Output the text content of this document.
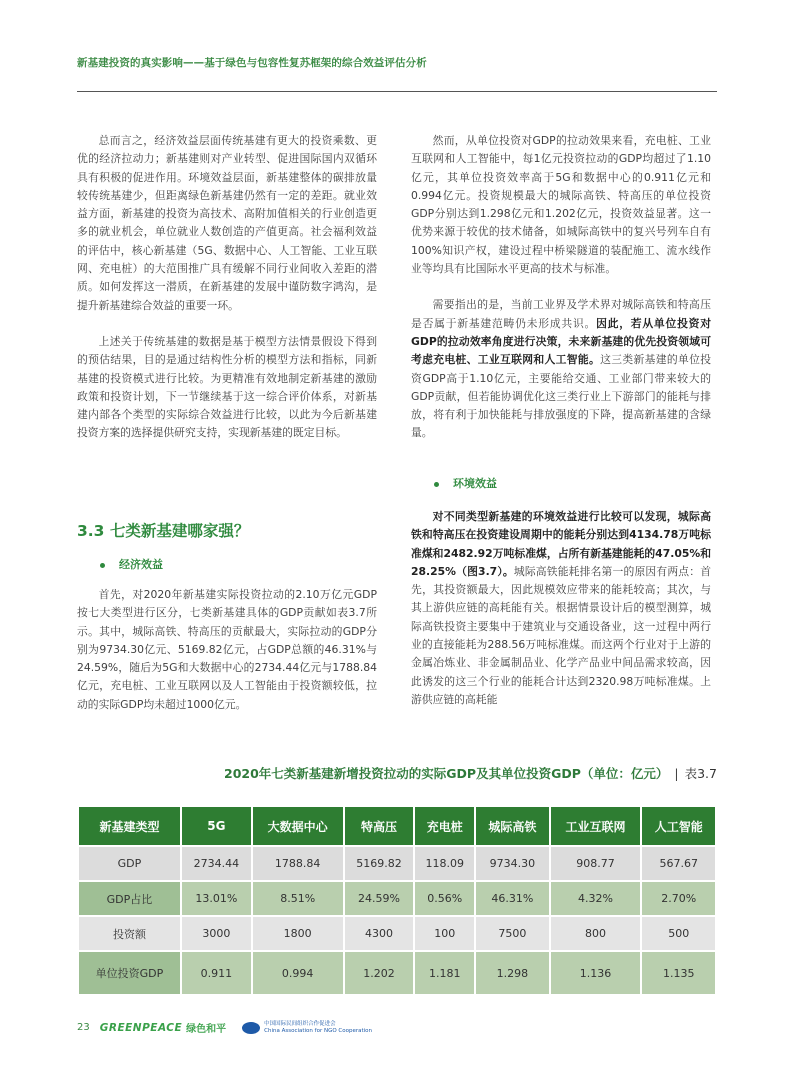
新基建投资的真实影响——基于绿色与包容性复苏框架的综合效益评估分析

总而言之，经济效益层面传统基建有更大的投资乘数、更优的经济拉动力；新基建则对产业转型、促进国际国内双循环具有积极的促进作用。环境效益层面，新基建整体的碳排放量较传统基建少，但距离绿色新基建仍然有一定的差距。就业效益方面，新基建的投资为高技术、高附加值相关的行业创造更多的就业机会，单位就业人数创造的产值更高。社会福利效益的评估中，核心新基建（5G、数据中心、人工智能、工业互联网、充电桩）的大范围推广具有缓解不同行业间收入差距的潜质。如何发挥这一潜质，在新基建的发展中谨防数字鸿沟，是提升新基建综合效益的重要一环。

上述关于传统基建的数据是基于模型方法情景假设下得到的预估结果，目的是通过结构性分析的模型方法和指标，同新基建的投资模式进行比较。为更精准有效地制定新基建的激励政策和投资计划，下一节继续基于这一综合评价体系，对新基建内部各个类型的实际综合效益进行比较，以此为今后新基建投资方案的选择提供研究支持，实现新基建的既定目标。

3.3 七类新基建哪家强？
经济效益

首先，对2020年新基建实际投资拉动的2.10万亿元GDP按七大类型进行区分，七类新基建具体的GDP贡献如表3.7所示。其中，城际高铁、特高压的贡献最大，实际拉动的GDP分别为9734.30亿元、5169.82亿元，占GDP总额的46.31%与24.59%，随后为5G和大数据中心的2734.44亿元与1788.84亿元，充电桩、工业互联网以及人工智能由于投资额较低，拉动的实际GDP均未超过1000亿元。

然而，从单位投资对GDP的拉动效果来看，充电桩、工业互联网和人工智能中，每1亿元投资拉动的GDP均超过了1.10亿元，其单位投资效率高于5G和数据中心的0.911亿元和0.994亿元。投资规模最大的城际高铁、特高压的单位投资GDP分别达到1.298亿元和1.202亿元，投资效益显著。这一优势来源于较优的技术储备，如城际高铁中的复兴号列车自有100%知识产权，建设过程中桥梁隧道的装配施工、流水线作业等均具有比国际水平更高的技术与标准。

需要指出的是，当前工业界及学术界对城际高铁和特高压是否属于新基建范畴仍未形成共识。因此，若从单位投资对GDP的拉动效率角度进行决策，未来新基建的优先投资领域可考虑充电桩、工业互联网和人工智能。这三类新基建的单位投资GDP高于1.10亿元，主要能给交通、工业部门带来较大的GDP贡献，但若能协调优化这三类行业上下游部门的能耗与排放，将有利于加快能耗与排放强度的下降，提高新基建的含绿量。

环境效益

对不同类型新基建的环境效益进行比较可以发现，城际高铁和特高压在投资建设周期中的能耗分别达到4134.78万吨标准煤和2482.92万吨标准煤，占所有新基建能耗的47.05%和28.25%（图3.7）。城际高铁能耗排名第一的原因有两点：首先，其投资额最大，因此规模效应带来的能耗较高；其次，与其上游供应链的高耗能有关。根据情景设计后的模型测算，城际高铁投资主要集中于建筑业与交通设备业，这一过程中两行业的直接能耗为288.56万吨标准煤。而这两个行业对于上游的金属冶炼业、非金属制品业、化学产品业中间品需求较高，因此诱发的这三个行业的能耗合计达到2320.98万吨标准煤。上游供应链的高耗能

2020年七类新基建新增投资拉动的实际GDP及其单位投资GDP（单位：亿元） | 表3.7
新基建类型	5G	大数据中心	特高压	充电桩	城际高铁	工业互联网	人工智能
GDP	2734.44	1788.84	5169.82	118.09	9734.30	908.77	567.67
GDP占比	13.01%	8.51%	24.59%	0.56%	46.31%	4.32%	2.70%
投资额	3000	1800	4300	100	7500	800	500
单位投资GDP	0.911	0.994	1.202	1.181	1.298	1.136	1.135
23 GREENPEACE 绿色和平
中国国际民间组织合作促进会
China Association for NGO Cooperation
